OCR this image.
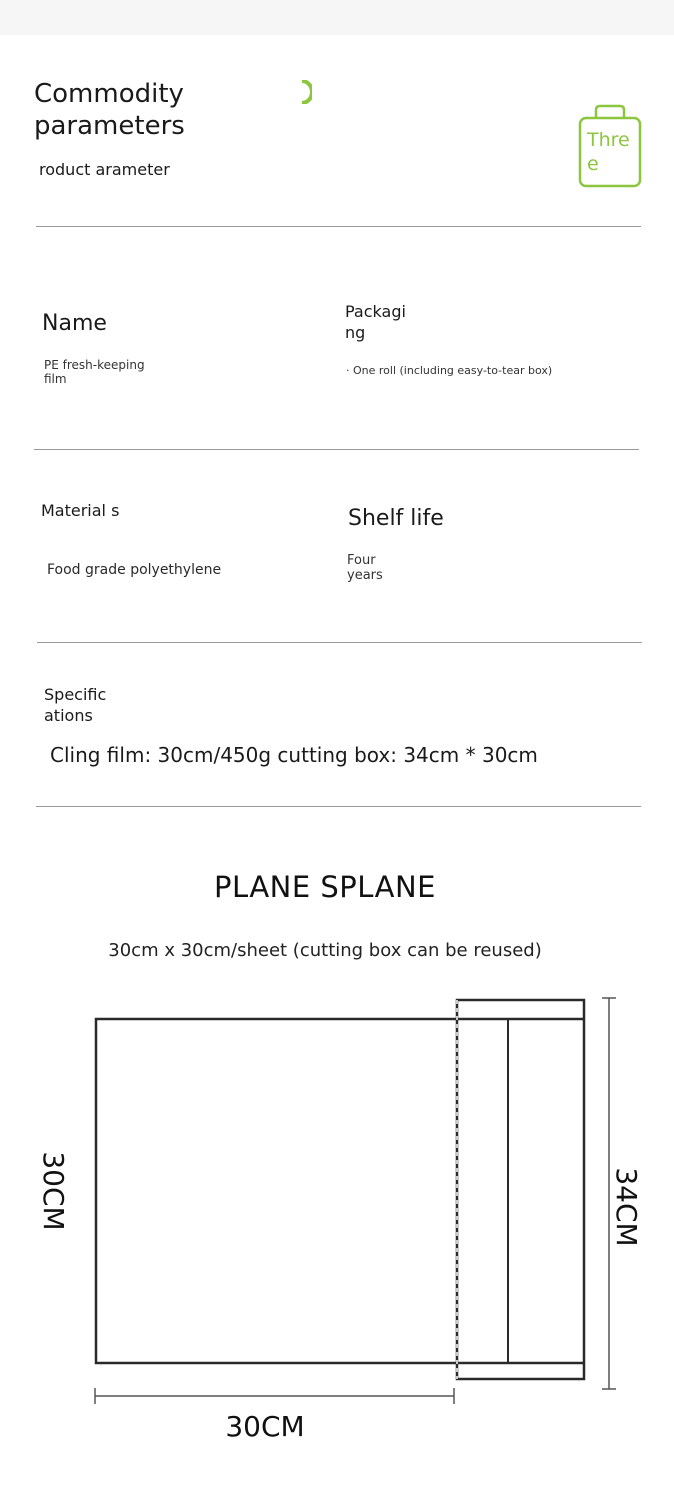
Commodity parameters
roduct arameter
Thre e
Name
PE fresh-keeping film
Packagi ng
· One roll (including easy-to-tear box)
Material s
Food grade polyethylene
Shelf life
Four years
Specific ations
Cling film: 30cm/450g cutting box: 34cm * 30cm
PLANE SPLANE
30cm x 30cm/sheet (cutting box can be reused)
30CM
30CM	34CM
